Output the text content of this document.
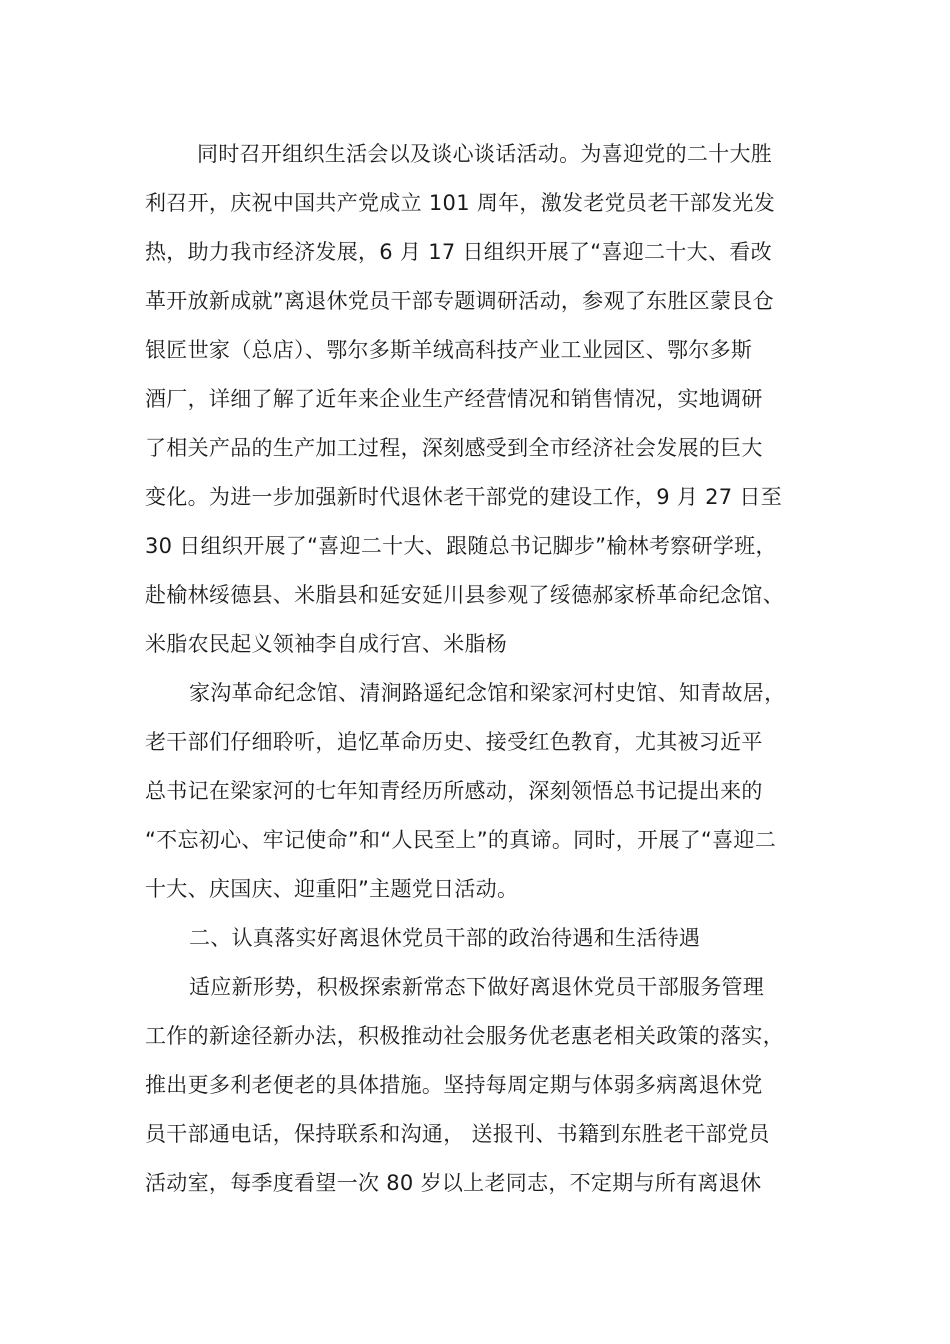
同时召开组织生活会以及谈心谈话活动。为喜迎党的二十大胜
利召开，庆祝中国共产党成立 101 周年，激发老党员老干部发光发
热，助力我市经济发展，6 月 17 日组织开展了“喜迎二十大、看改
革开放新成就”离退休党员干部专题调研活动，参观了东胜区蒙艮仓
银匠世家（总店）、鄂尔多斯羊绒高科技产业工业园区、鄂尔多斯
酒厂，详细了解了近年来企业生产经营情况和销售情况，实地调研
了相关产品的生产加工过程，深刻感受到全市经济社会发展的巨大
变化。为进一步加强新时代退休老干部党的建设工作，9 月 27 日至
30 日组织开展了“喜迎二十大、跟随总书记脚步”榆林考察研学班，
赴榆林绥德县、米脂县和延安延川县参观了绥德郝家桥革命纪念馆、
米脂农民起义领袖李自成行宫、米脂杨

家沟革命纪念馆、清涧路遥纪念馆和梁家河村史馆、知青故居，
老干部们仔细聆听，追忆革命历史、接受红色教育，尤其被习近平
总书记在梁家河的七年知青经历所感动，深刻领悟总书记提出来的
“不忘初心、牢记使命”和“人民至上”的真谛。同时，开展了“喜迎二
十大、庆国庆、迎重阳”主题党日活动。

二、认真落实好离退休党员干部的政治待遇和生活待遇

适应新形势，积极探索新常态下做好离退休党员干部服务管理
工作的新途径新办法，积极推动社会服务优老惠老相关政策的落实，
推出更多利老便老的具体措施。坚持每周定期与体弱多病离退休党
员干部通电话，保持联系和沟通， 送报刊、书籍到东胜老干部党员
活动室，每季度看望一次 80 岁以上老同志，不定期与所有离退休
